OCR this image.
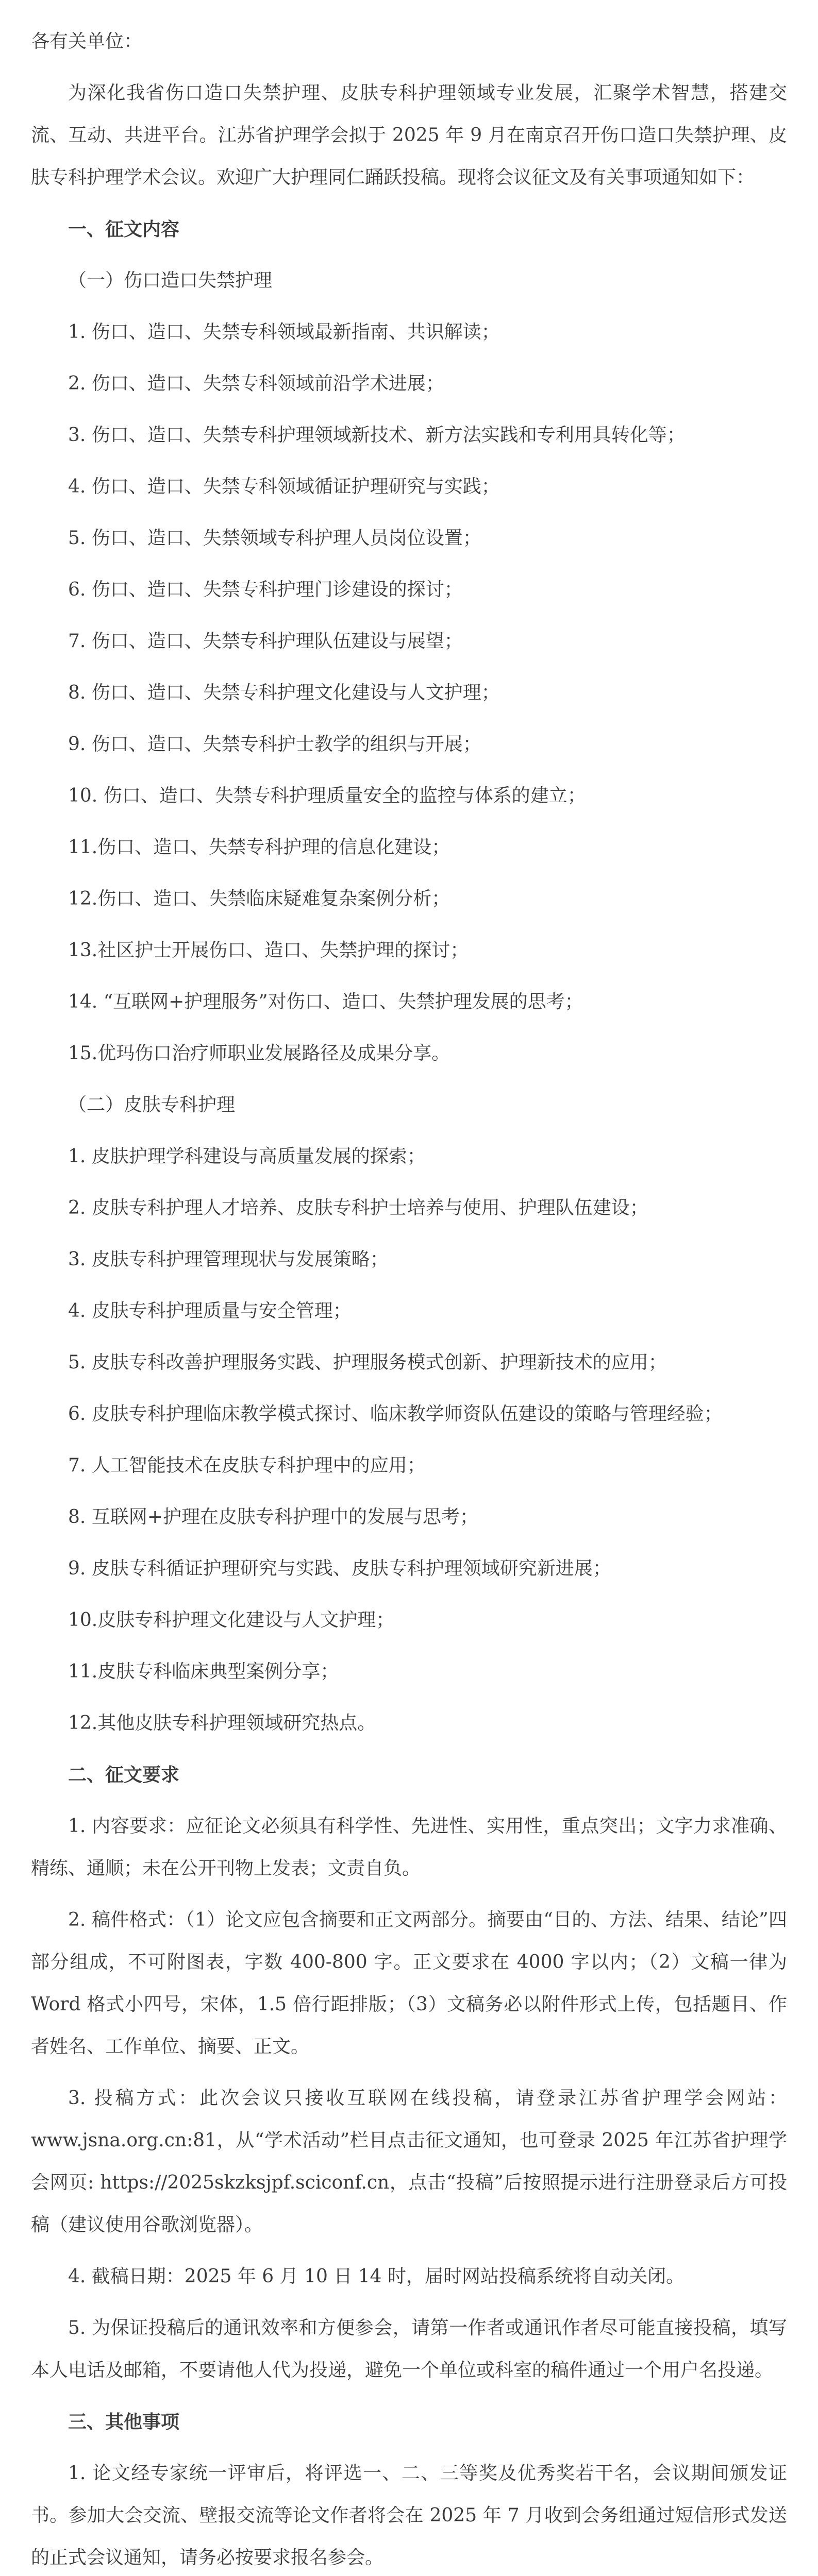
各有关单位：

为深化我省伤口造口失禁护理、皮肤专科护理领域专业发展，汇聚学术智慧，搭建交流、互动、共进平台。江苏省护理学会拟于 2025 年 9 月在南京召开伤口造口失禁护理、皮肤专科护理学术会议。欢迎广大护理同仁踊跃投稿。现将会议征文及有关事项通知如下：

一、征文内容

（一）伤口造口失禁护理

1. 伤口、造口、失禁专科领域最新指南、共识解读；

2. 伤口、造口、失禁专科领域前沿学术进展；

3. 伤口、造口、失禁专科护理领域新技术、新方法实践和专利用具转化等；

4. 伤口、造口、失禁专科领域循证护理研究与实践；

5. 伤口、造口、失禁领域专科护理人员岗位设置；

6. 伤口、造口、失禁专科护理门诊建设的探讨；

7. 伤口、造口、失禁专科护理队伍建设与展望；

8. 伤口、造口、失禁专科护理文化建设与人文护理；

9. 伤口、造口、失禁专科护士教学的组织与开展；

10. 伤口、造口、失禁专科护理质量安全的监控与体系的建立；

11.伤口、造口、失禁专科护理的信息化建设；

12.伤口、造口、失禁临床疑难复杂案例分析；

13.社区护士开展伤口、造口、失禁护理的探讨；

14. “互联网+护理服务”对伤口、造口、失禁护理发展的思考；

15.优玛伤口治疗师职业发展路径及成果分享。

（二）皮肤专科护理

1. 皮肤护理学科建设与高质量发展的探索；

2. 皮肤专科护理人才培养、皮肤专科护士培养与使用、护理队伍建设；

3. 皮肤专科护理管理现状与发展策略；

4. 皮肤专科护理质量与安全管理；

5. 皮肤专科改善护理服务实践、护理服务模式创新、护理新技术的应用；

6. 皮肤专科护理临床教学模式探讨、临床教学师资队伍建设的策略与管理经验；

7. 人工智能技术在皮肤专科护理中的应用；

8. 互联网+护理在皮肤专科护理中的发展与思考；

9. 皮肤专科循证护理研究与实践、皮肤专科护理领域研究新进展；

10.皮肤专科护理文化建设与人文护理；

11.皮肤专科临床典型案例分享；

12.其他皮肤专科护理领域研究热点。

二、征文要求

1. 内容要求：应征论文必须具有科学性、先进性、实用性，重点突出；文字力求准确、精练、通顺；未在公开刊物上发表；文责自负。

2. 稿件格式：（1）论文应包含摘要和正文两部分。摘要由“目的、方法、结果、结论”四部分组成，不可附图表，字数 400-800 字。正文要求在 4000 字以内；（2）文稿一律为 Word 格式小四号，宋体，1.5 倍行距排版；（3）文稿务必以附件形式上传，包括题目、作者姓名、工作单位、摘要、正文。

3. 投稿方式：此次会议只接收互联网在线投稿，请登录江苏省护理学会网站：www.jsna.org.cn:81，从“学术活动”栏目点击征文通知，也可登录 2025 年江苏省护理学会网页: https://2025skzksjpf.sciconf.cn，点击“投稿”后按照提示进行注册登录后方可投稿（建议使用谷歌浏览器）。

4. 截稿日期：2025 年 6 月 10 日 14 时，届时网站投稿系统将自动关闭。

5. 为保证投稿后的通讯效率和方便参会，请第一作者或通讯作者尽可能直接投稿，填写本人电话及邮箱，不要请他人代为投递，避免一个单位或科室的稿件通过一个用户名投递。

三、其他事项

1. 论文经专家统一评审后，将评选一、二、三等奖及优秀奖若干名，会议期间颁发证书。参加大会交流、壁报交流等论文作者将会在 2025 年 7 月收到会务组通过短信形式发送的正式会议通知，请务必按要求报名参会。
